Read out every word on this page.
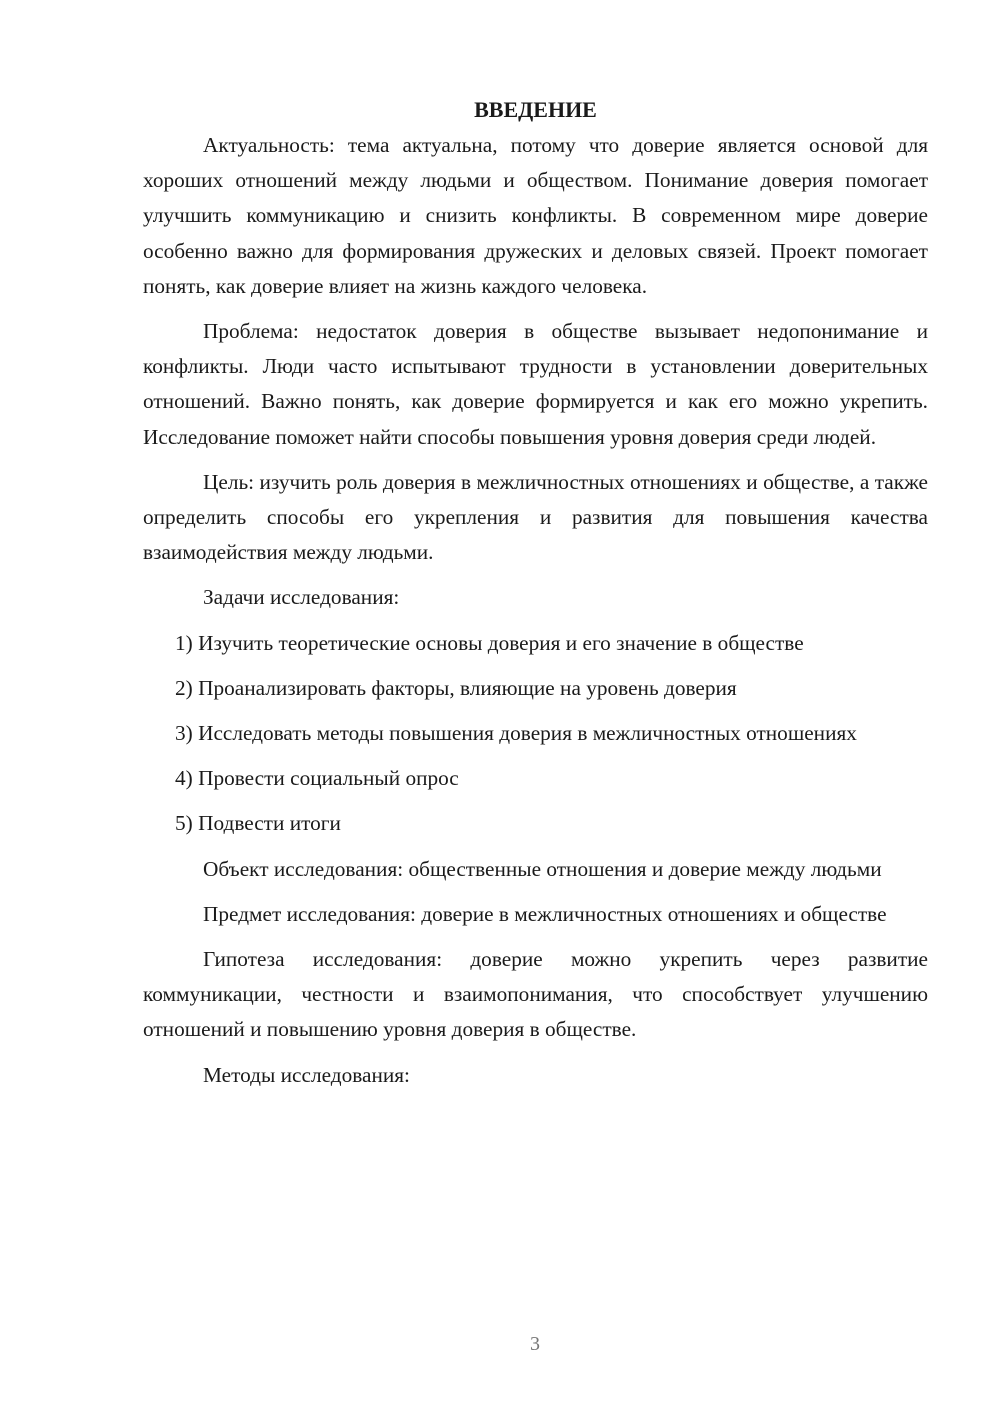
ВВЕДЕНИЕ

Актуальность: тема актуальна, потому что доверие является основой для хороших отношений между людьми и обществом. Понимание доверия помогает улучшить коммуникацию и снизить конфликты. В современном мире доверие особенно важно для формирования дружеских и деловых связей. Проект помогает понять, как доверие влияет на жизнь каждого человека.

Проблема: недостаток доверия в обществе вызывает недопонимание и конфликты. Люди часто испытывают трудности в установлении доверительных отношений. Важно понять, как доверие формируется и как его можно укрепить. Исследование поможет найти способы повышения уровня доверия среди людей.

Цель: изучить роль доверия в межличностных отношениях и обществе, а также определить способы его укрепления и развития для повышения качества взаимодействия между людьми.

Задачи исследования:

1) Изучить теоретические основы доверия и его значение в обществе

2) Проанализировать факторы, влияющие на уровень доверия

3) Исследовать методы повышения доверия в межличностных отношениях

4) Провести социальный опрос

5) Подвести итоги

Объект исследования: общественные отношения и доверие между людьми

Предмет исследования: доверие в межличностных отношениях и обществе

Гипотеза исследования: доверие можно укрепить через развитие коммуникации, честности и взаимопонимания, что способствует улучшению отношений и повышению уровня доверия в обществе.

Методы исследования:

3
